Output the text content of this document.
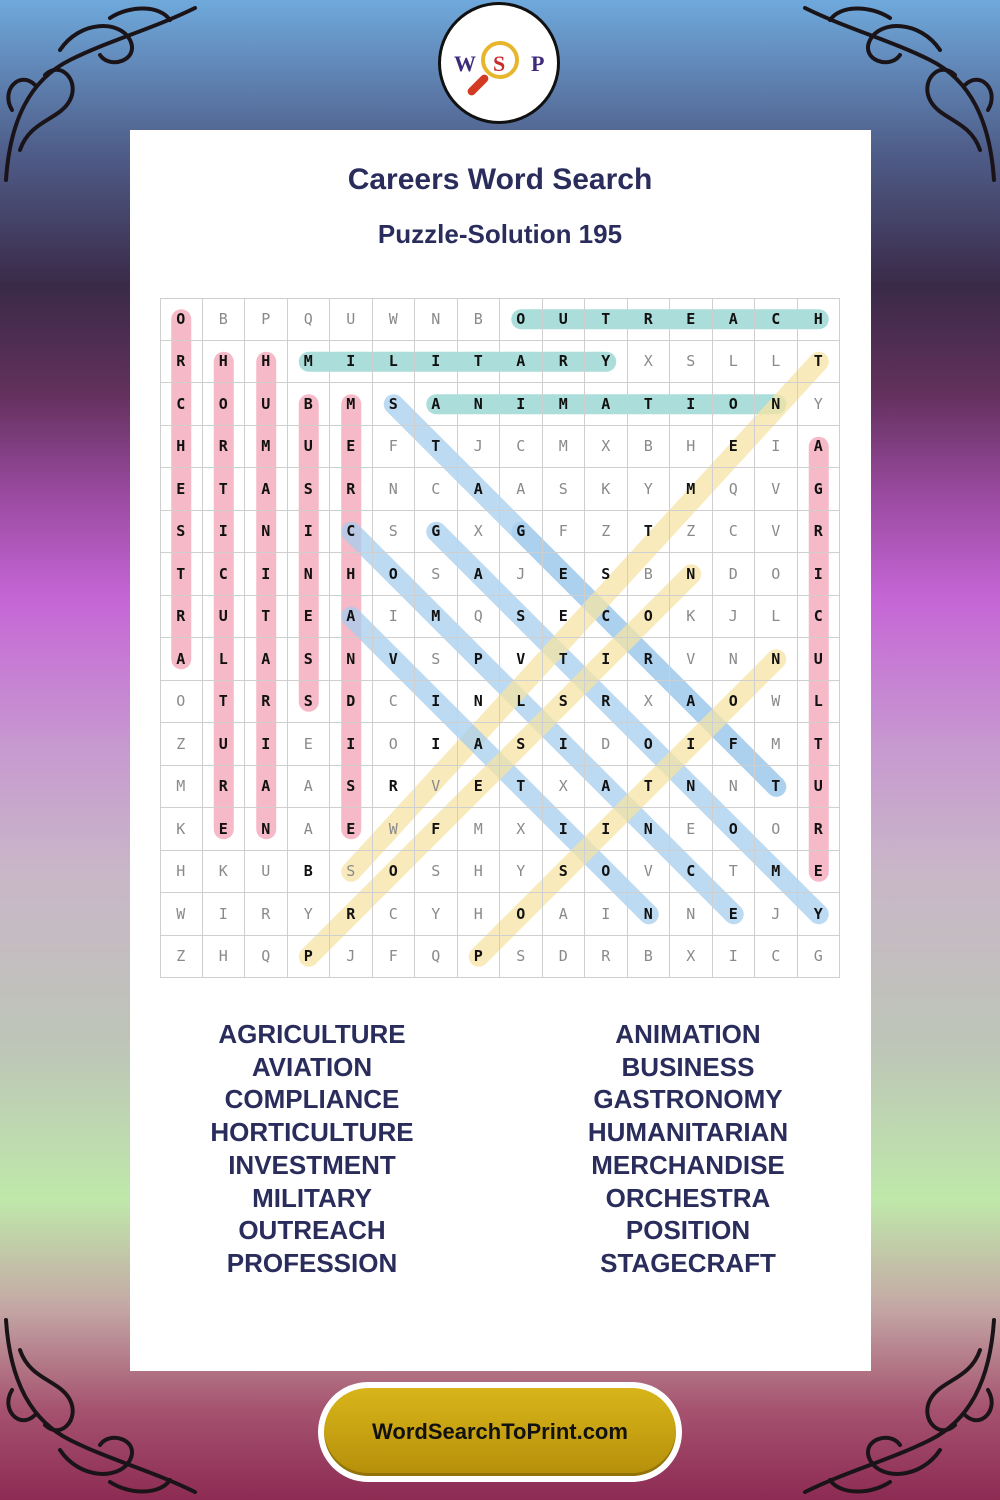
W S P
Careers Word Search
Puzzle-Solution 195
O	B	P	Q	U	W	N	B	O	U	T	R	E	A	C	H
R	H	H	M	I	L	I	T	A	R	Y	X	S	L	L	T
C	O	U	B	M	S	A	N	I	M	A	T	I	O	N	Y
H	R	M	U	E	F	T	J	C	M	X	B	H	E	I	A
E	T	A	S	R	N	C	A	A	S	K	Y	M	Q	V	G
S	I	N	I	C	S	G	X	G	F	Z	T	Z	C	V	R
T	C	I	N	H	O	S	A	J	E	S	B	N	D	O	I
R	U	T	E	A	I	M	Q	S	E	C	O	K	J	L	C
A	L	A	S	N	V	S	P	V	T	I	R	V	N	N	U
O	T	R	S	D	C	I	N	L	S	R	X	A	O	W	L
Z	U	I	E	I	O	I	A	S	I	D	O	I	F	M	T
M	R	A	A	S	R	V	E	T	X	A	T	N	N	T	U
K	E	N	A	E	W	F	M	X	I	I	N	E	O	O	R
H	K	U	B	S	O	S	H	Y	S	O	V	C	T	M	E
W	I	R	Y	R	C	Y	H	O	A	I	N	N	E	J	Y
Z	H	Q	P	J	F	Q	P	S	D	R	B	X	I	C	G
AGRICULTURE
AVIATION
COMPLIANCE
HORTICULTURE
INVESTMENT
MILITARY
OUTREACH
PROFESSION
ANIMATION
BUSINESS
GASTRONOMY
HUMANITARIAN
MERCHANDISE
ORCHESTRA
POSITION
STAGECRAFT
WordSearchToPrint.com
